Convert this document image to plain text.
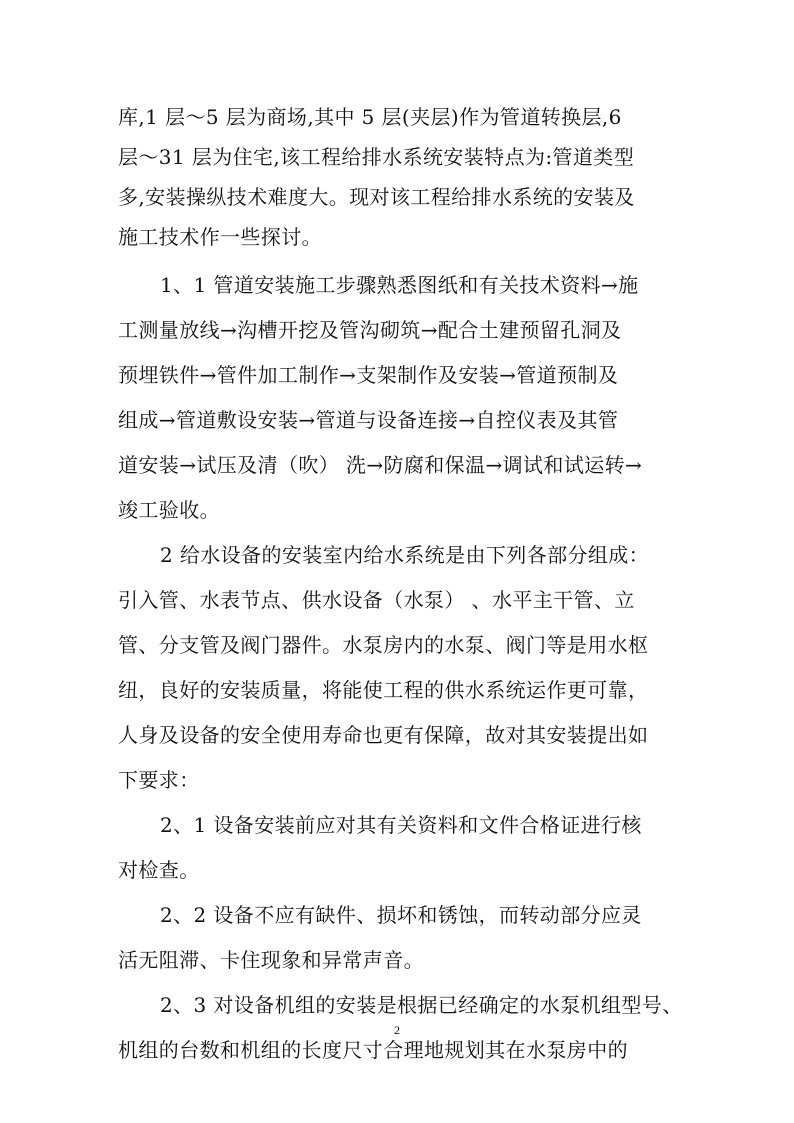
库,1 层～5 层为商场,其中 5 层(夹层)作为管道转换层,6
层～31 层为住宅,该工程给排水系统安装特点为:管道类型
多,安装操纵技术难度大。现对该工程给排水系统的安装及
施工技术作一些探讨。
1、1 管道安装施工步骤熟悉图纸和有关技术资料→施
工测量放线→沟槽开挖及管沟砌筑→配合土建预留孔洞及
预埋铁件→管件加工制作→支架制作及安装→管道预制及
组成→管道敷设安装→管道与设备连接→自控仪表及其管
道安装→试压及清（吹） 洗→防腐和保温→调试和试运转→
竣工验收。
2 给水设备的安装室内给水系统是由下列各部分组成：
引入管、水表节点、供水设备（水泵） 、水平主干管、立
管、分支管及阀门器件。水泵房内的水泵、阀门等是用水枢
纽，良好的安装质量，将能使工程的供水系统运作更可靠，
人身及设备的安全使用寿命也更有保障，故对其安装提出如
下要求：
2、1 设备安装前应对其有关资料和文件合格证进行核
对检查。
2、2 设备不应有缺件、损坏和锈蚀，而转动部分应灵
活无阻滞、卡住现象和异常声音。
2、3 对设备机组的安装是根据已经确定的水泵机组型号、
机组的台数和机组的长度尺寸合理地规划其在水泵房中的
2
